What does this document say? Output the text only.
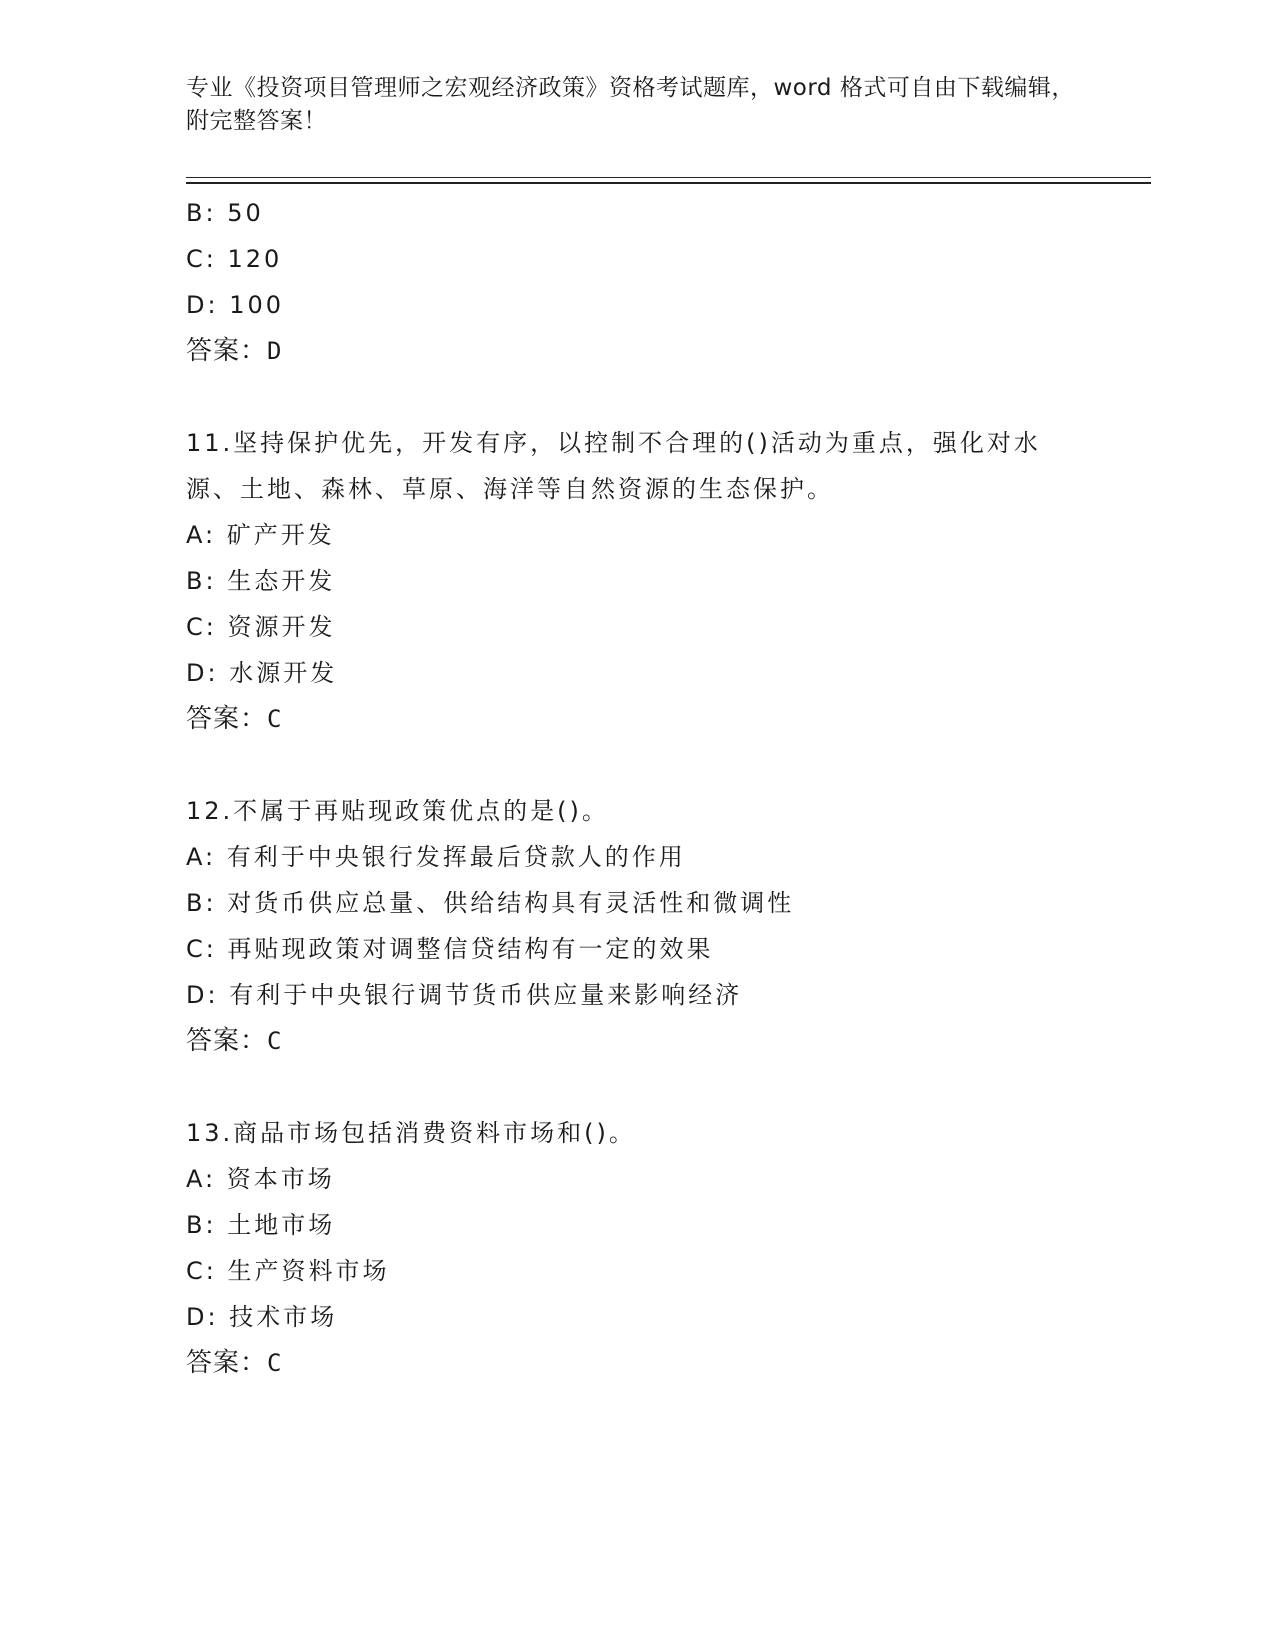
专业《投资项目管理师之宏观经济政策》资格考试题库，word 格式可自由下载编辑，附完整答案！
B: 50
C: 120
D: 100
答案：D
11.坚持保护优先，开发有序，以控制不合理的()活动为重点，强化对水源、土地、森林、草原、海洋等自然资源的生态保护。
A: 矿产开发
B: 生态开发
C: 资源开发
D: 水源开发
答案：C
12.不属于再贴现政策优点的是()。
A: 有利于中央银行发挥最后贷款人的作用
B: 对货币供应总量、供给结构具有灵活性和微调性
C: 再贴现政策对调整信贷结构有一定的效果
D: 有利于中央银行调节货币供应量来影响经济
答案：C
13.商品市场包括消费资料市场和()。
A: 资本市场
B: 土地市场
C: 生产资料市场
D: 技术市场
答案：C
